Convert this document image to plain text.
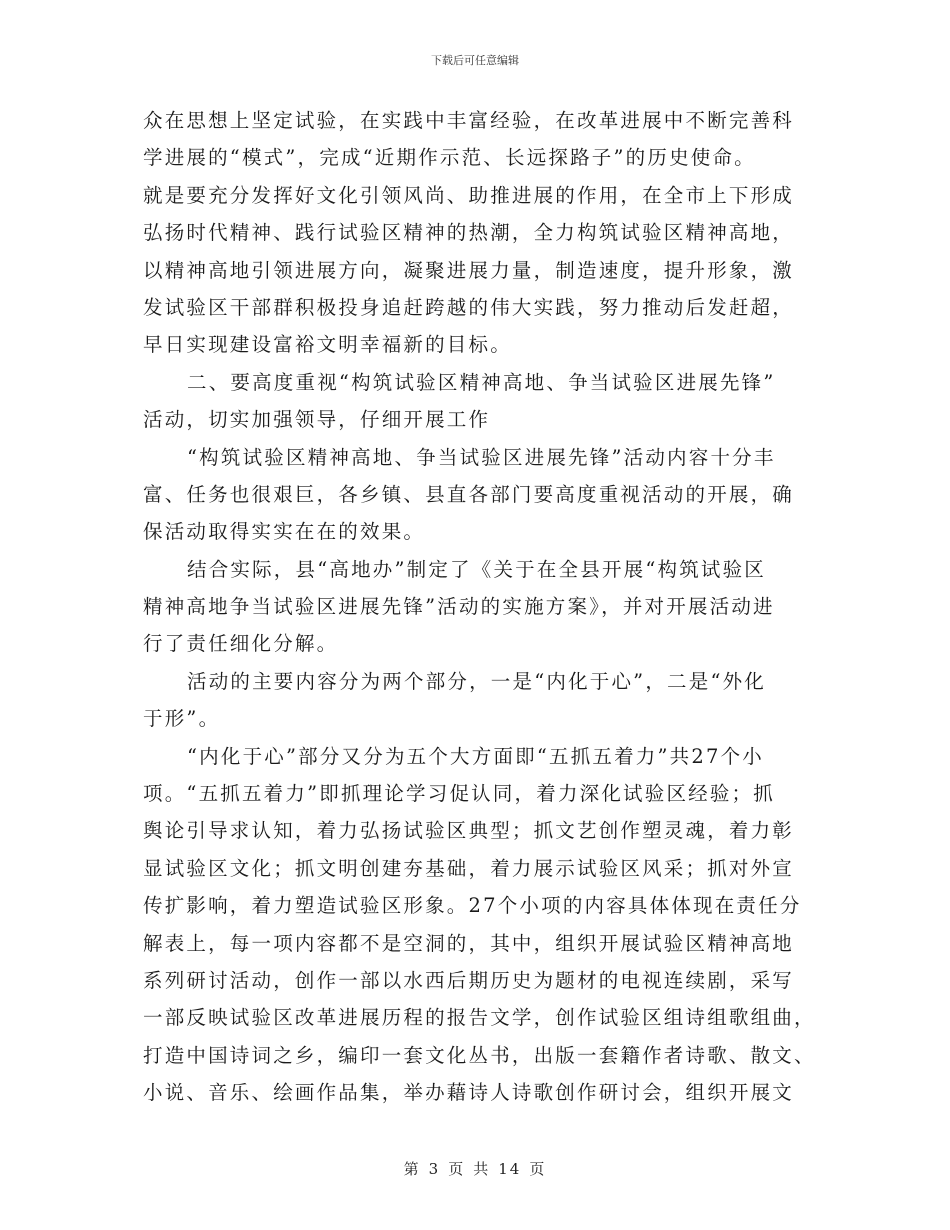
下载后可任意编辑
众在思想上坚定试验，在实践中丰富经验，在改革进展中不断完善科
学进展的“模式”，完成“近期作示范、长远探路子”的历史使命。
就是要充分发挥好文化引领风尚、助推进展的作用，在全市上下形成
弘扬时代精神、践行试验区精神的热潮，全力构筑试验区精神高地，
以精神高地引领进展方向，凝聚进展力量，制造速度，提升形象，激
发试验区干部群积极投身追赶跨越的伟大实践，努力推动后发赶超，
早日实现建设富裕文明幸福新的目标。
二、要高度重视“构筑试验区精神高地、争当试验区进展先锋”
活动，切实加强领导，仔细开展工作
“构筑试验区精神高地、争当试验区进展先锋”活动内容十分丰
富、任务也很艰巨，各乡镇、县直各部门要高度重视活动的开展，确
保活动取得实实在在的效果。
结合实际，县“高地办”制定了《关于在全县开展“构筑试验区
精神高地争当试验区进展先锋”活动的实施方案》，并对开展活动进
行了责任细化分解。
活动的主要内容分为两个部分，一是“内化于心”，二是“外化
于形”。
“内化于心”部分又分为五个大方面即“五抓五着力”共27个小
项。“五抓五着力”即抓理论学习促认同，着力深化试验区经验；抓
舆论引导求认知，着力弘扬试验区典型；抓文艺创作塑灵魂，着力彰
显试验区文化；抓文明创建夯基础，着力展示试验区风采；抓对外宣
传扩影响，着力塑造试验区形象。27个小项的内容具体体现在责任分
解表上，每一项内容都不是空洞的，其中，组织开展试验区精神高地
系列研讨活动，创作一部以水西后期历史为题材的电视连续剧，采写
一部反映试验区改革进展历程的报告文学，创作试验区组诗组歌组曲，
打造中国诗词之乡，编印一套文化丛书，出版一套籍作者诗歌、散文、
小说、音乐、绘画作品集，举办藉诗人诗歌创作研讨会，组织开展文
第 3 页 共 14 页
